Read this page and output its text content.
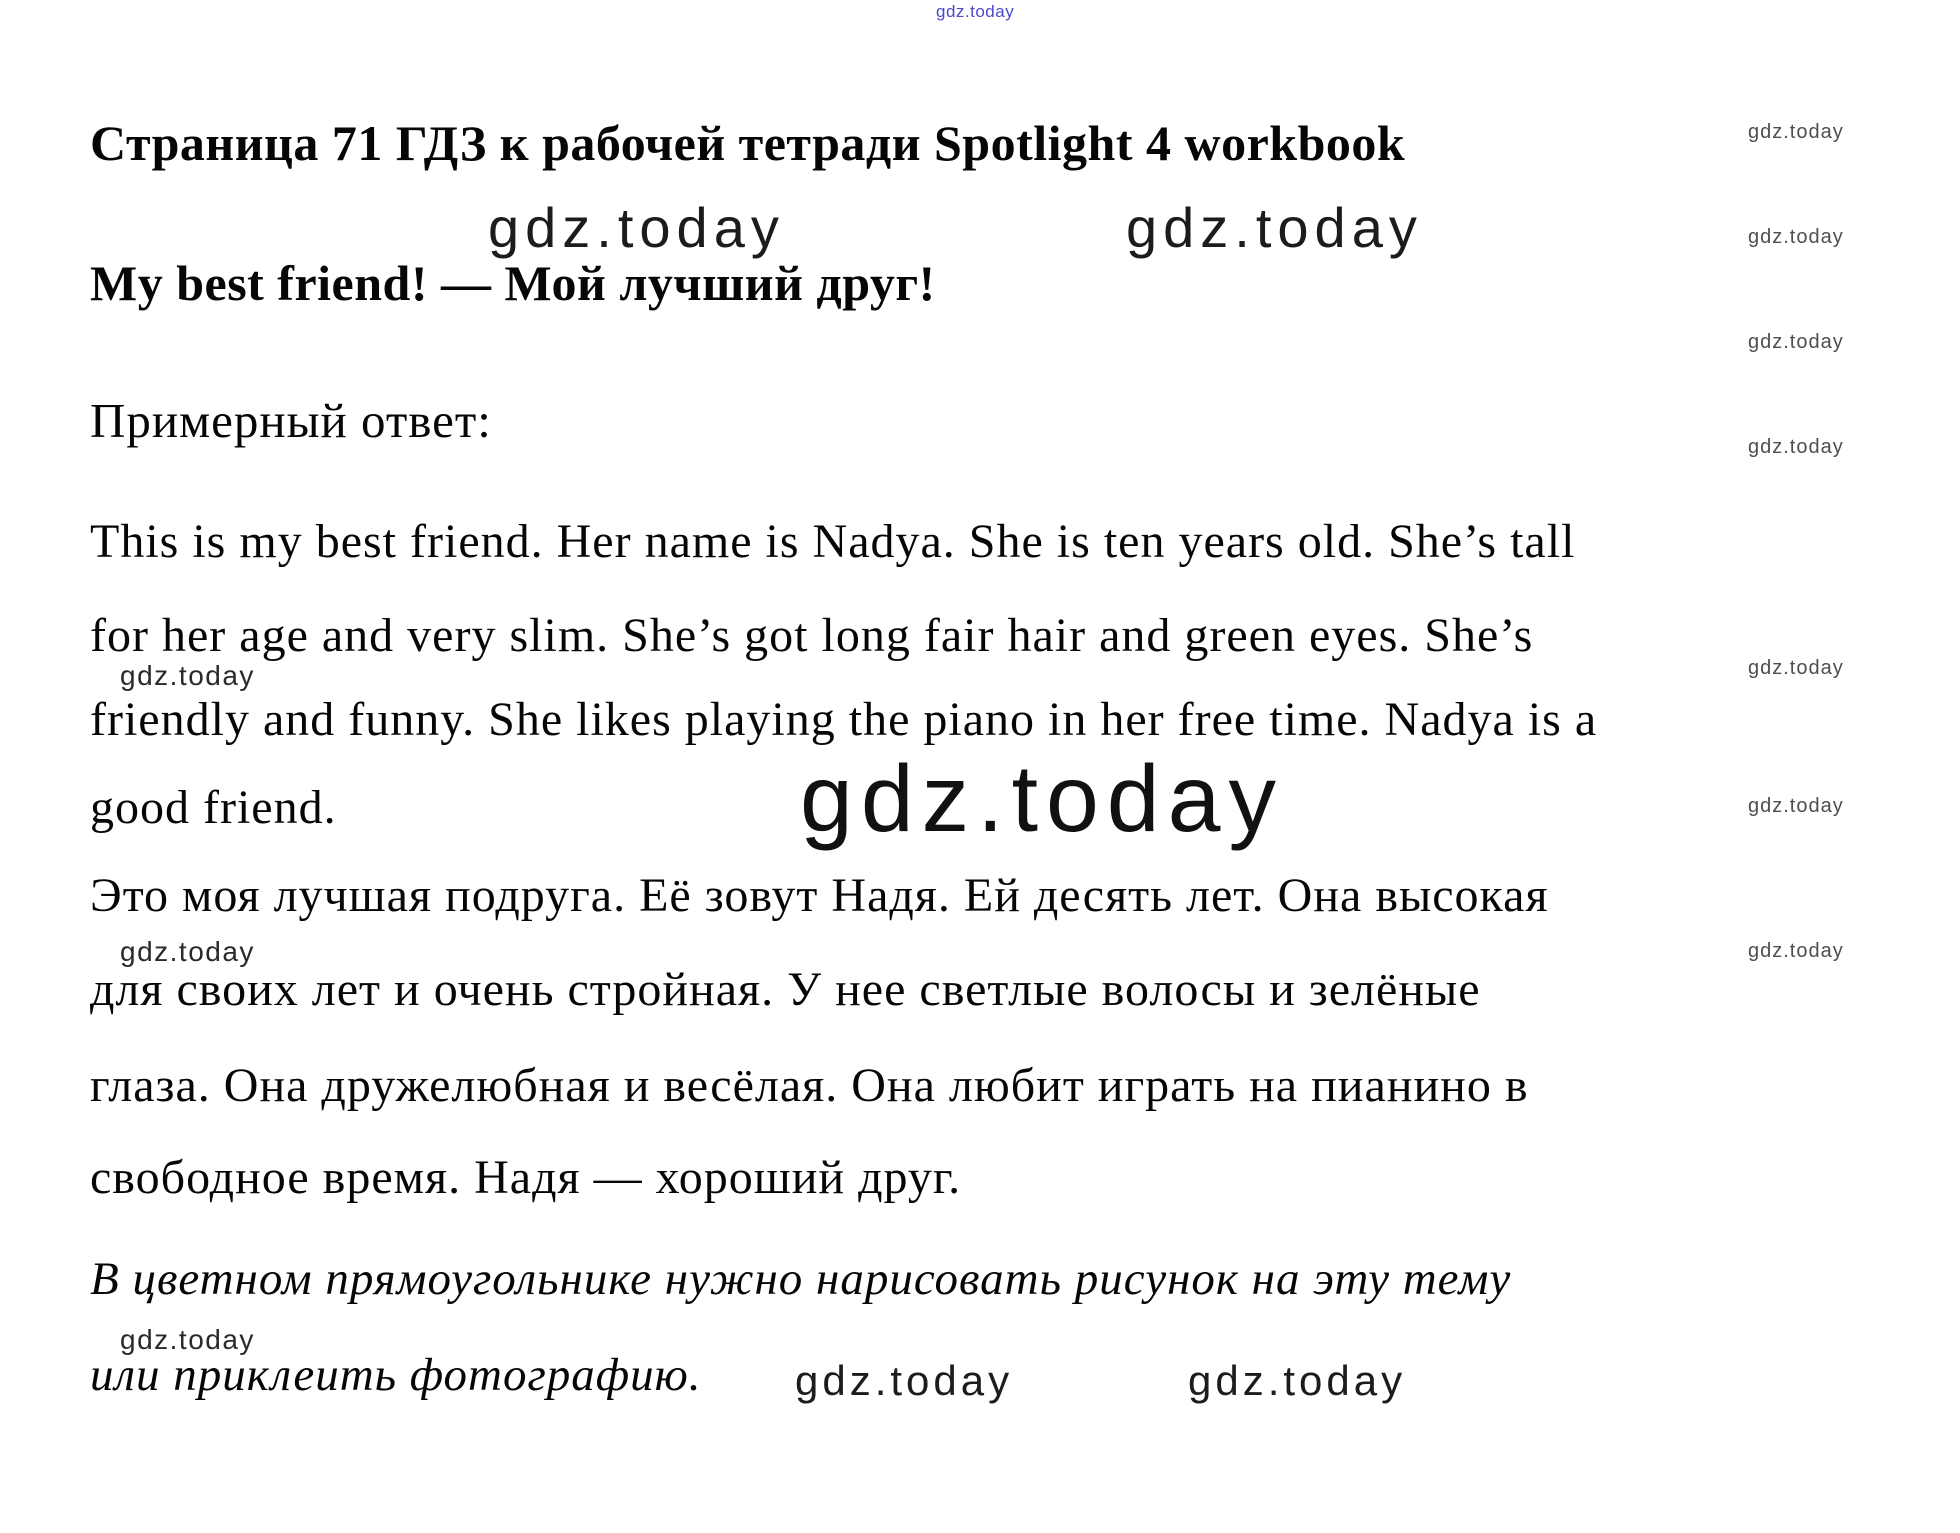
gdz.today
Страница 71 ГДЗ к рабочей тетради Spotlight 4 workbook
gdz.today	gdz.today
My best friend! — Мой лучший друг!
gdz.today
gdz.today
gdz.today
gdz.today
gdz.today
gdz.today
gdz.today
Примерный ответ:
This is my best friend. Her name is Nadya. She is ten years old. She’s tall
for her age and very slim. She’s got long fair hair and green eyes. She’s
friendly and funny. She likes playing the piano in her free time. Nadya is a
good friend.
gdz.today
gdz.today
gdz.today
gdz.today
Это моя лучшая подруга. Её зовут Надя. Ей десять лет. Она высокая
для своих лет и очень стройная. У нее светлые волосы и зелёные
глаза. Она дружелюбная и весёлая. Она любит играть на пианино в
свободное время. Надя — хороший друг.
В цветном прямоугольнике нужно нарисовать рисунок на эту тему
или приклеить фотографию. gdz.today	gdz.today
